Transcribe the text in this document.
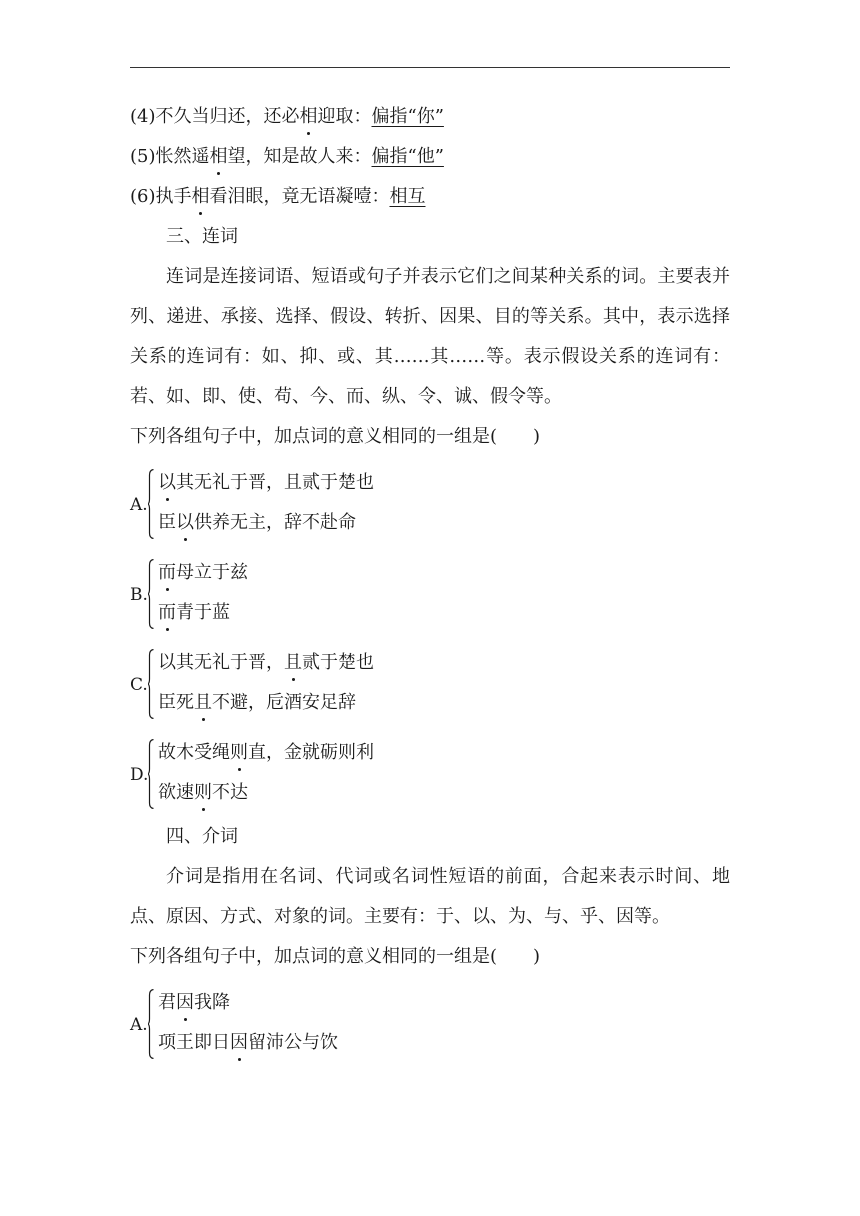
(4)不久当归还，还必相迎取：偏指“你”
(5)怅然遥相望，知是故人来：偏指“他”
(6)执手相看泪眼，竟无语凝噎：相互
三、连词
连词是连接词语、短语或句子并表示它们之间某种关系的词。主要表并列、递进、承接、选择、假设、转折、因果、目的等关系。其中，表示选择关系的连词有：如、抑、或、其……其……等。表示假设关系的连词有：若、如、即、使、苟、今、而、纵、令、诚、假令等。
下列各组句子中，加点词的意义相同的一组是(　　)
A.
以其无礼于晋，且贰于楚也
臣以供养无主，辞不赴命
B.
而母立于兹
而青于蓝
C.
以其无礼于晋，且贰于楚也
臣死且不避，卮酒安足辞
D.
故木受绳则直，金就砺则利
欲速则不达
四、介词
介词是指用在名词、代词或名词性短语的前面，合起来表示时间、地点、原因、方式、对象的词。主要有：于、以、为、与、乎、因等。
下列各组句子中，加点词的意义相同的一组是(　　)
A.
君因我降
项王即日因留沛公与饮
